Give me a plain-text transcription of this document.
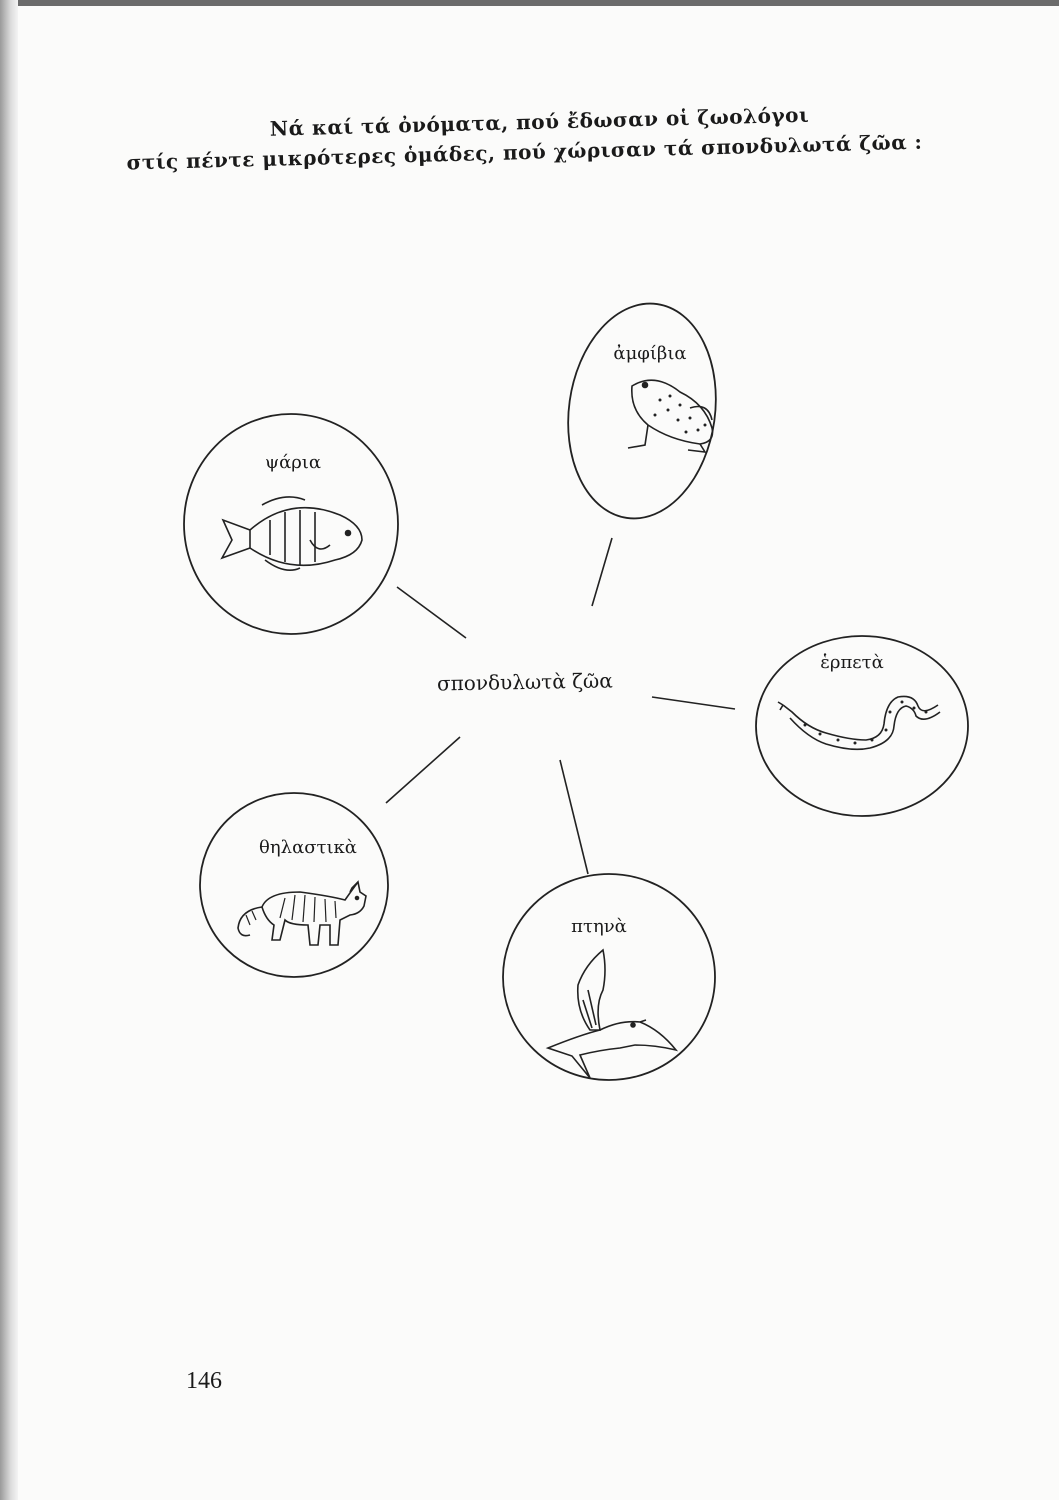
Νά καί τά ὀνόματα, πού ἔδωσαν οἱ ζωολόγοι
στίς πέντε μικρότερες ὁμάδες, πού χώρισαν τά σπονδυλωτά ζῶα :
ψάρια
ἀμφίβια
ἑρπετὰ
πτηνὰ
θηλαστικὰ
σπονδυλωτὰ ζῶα
146
